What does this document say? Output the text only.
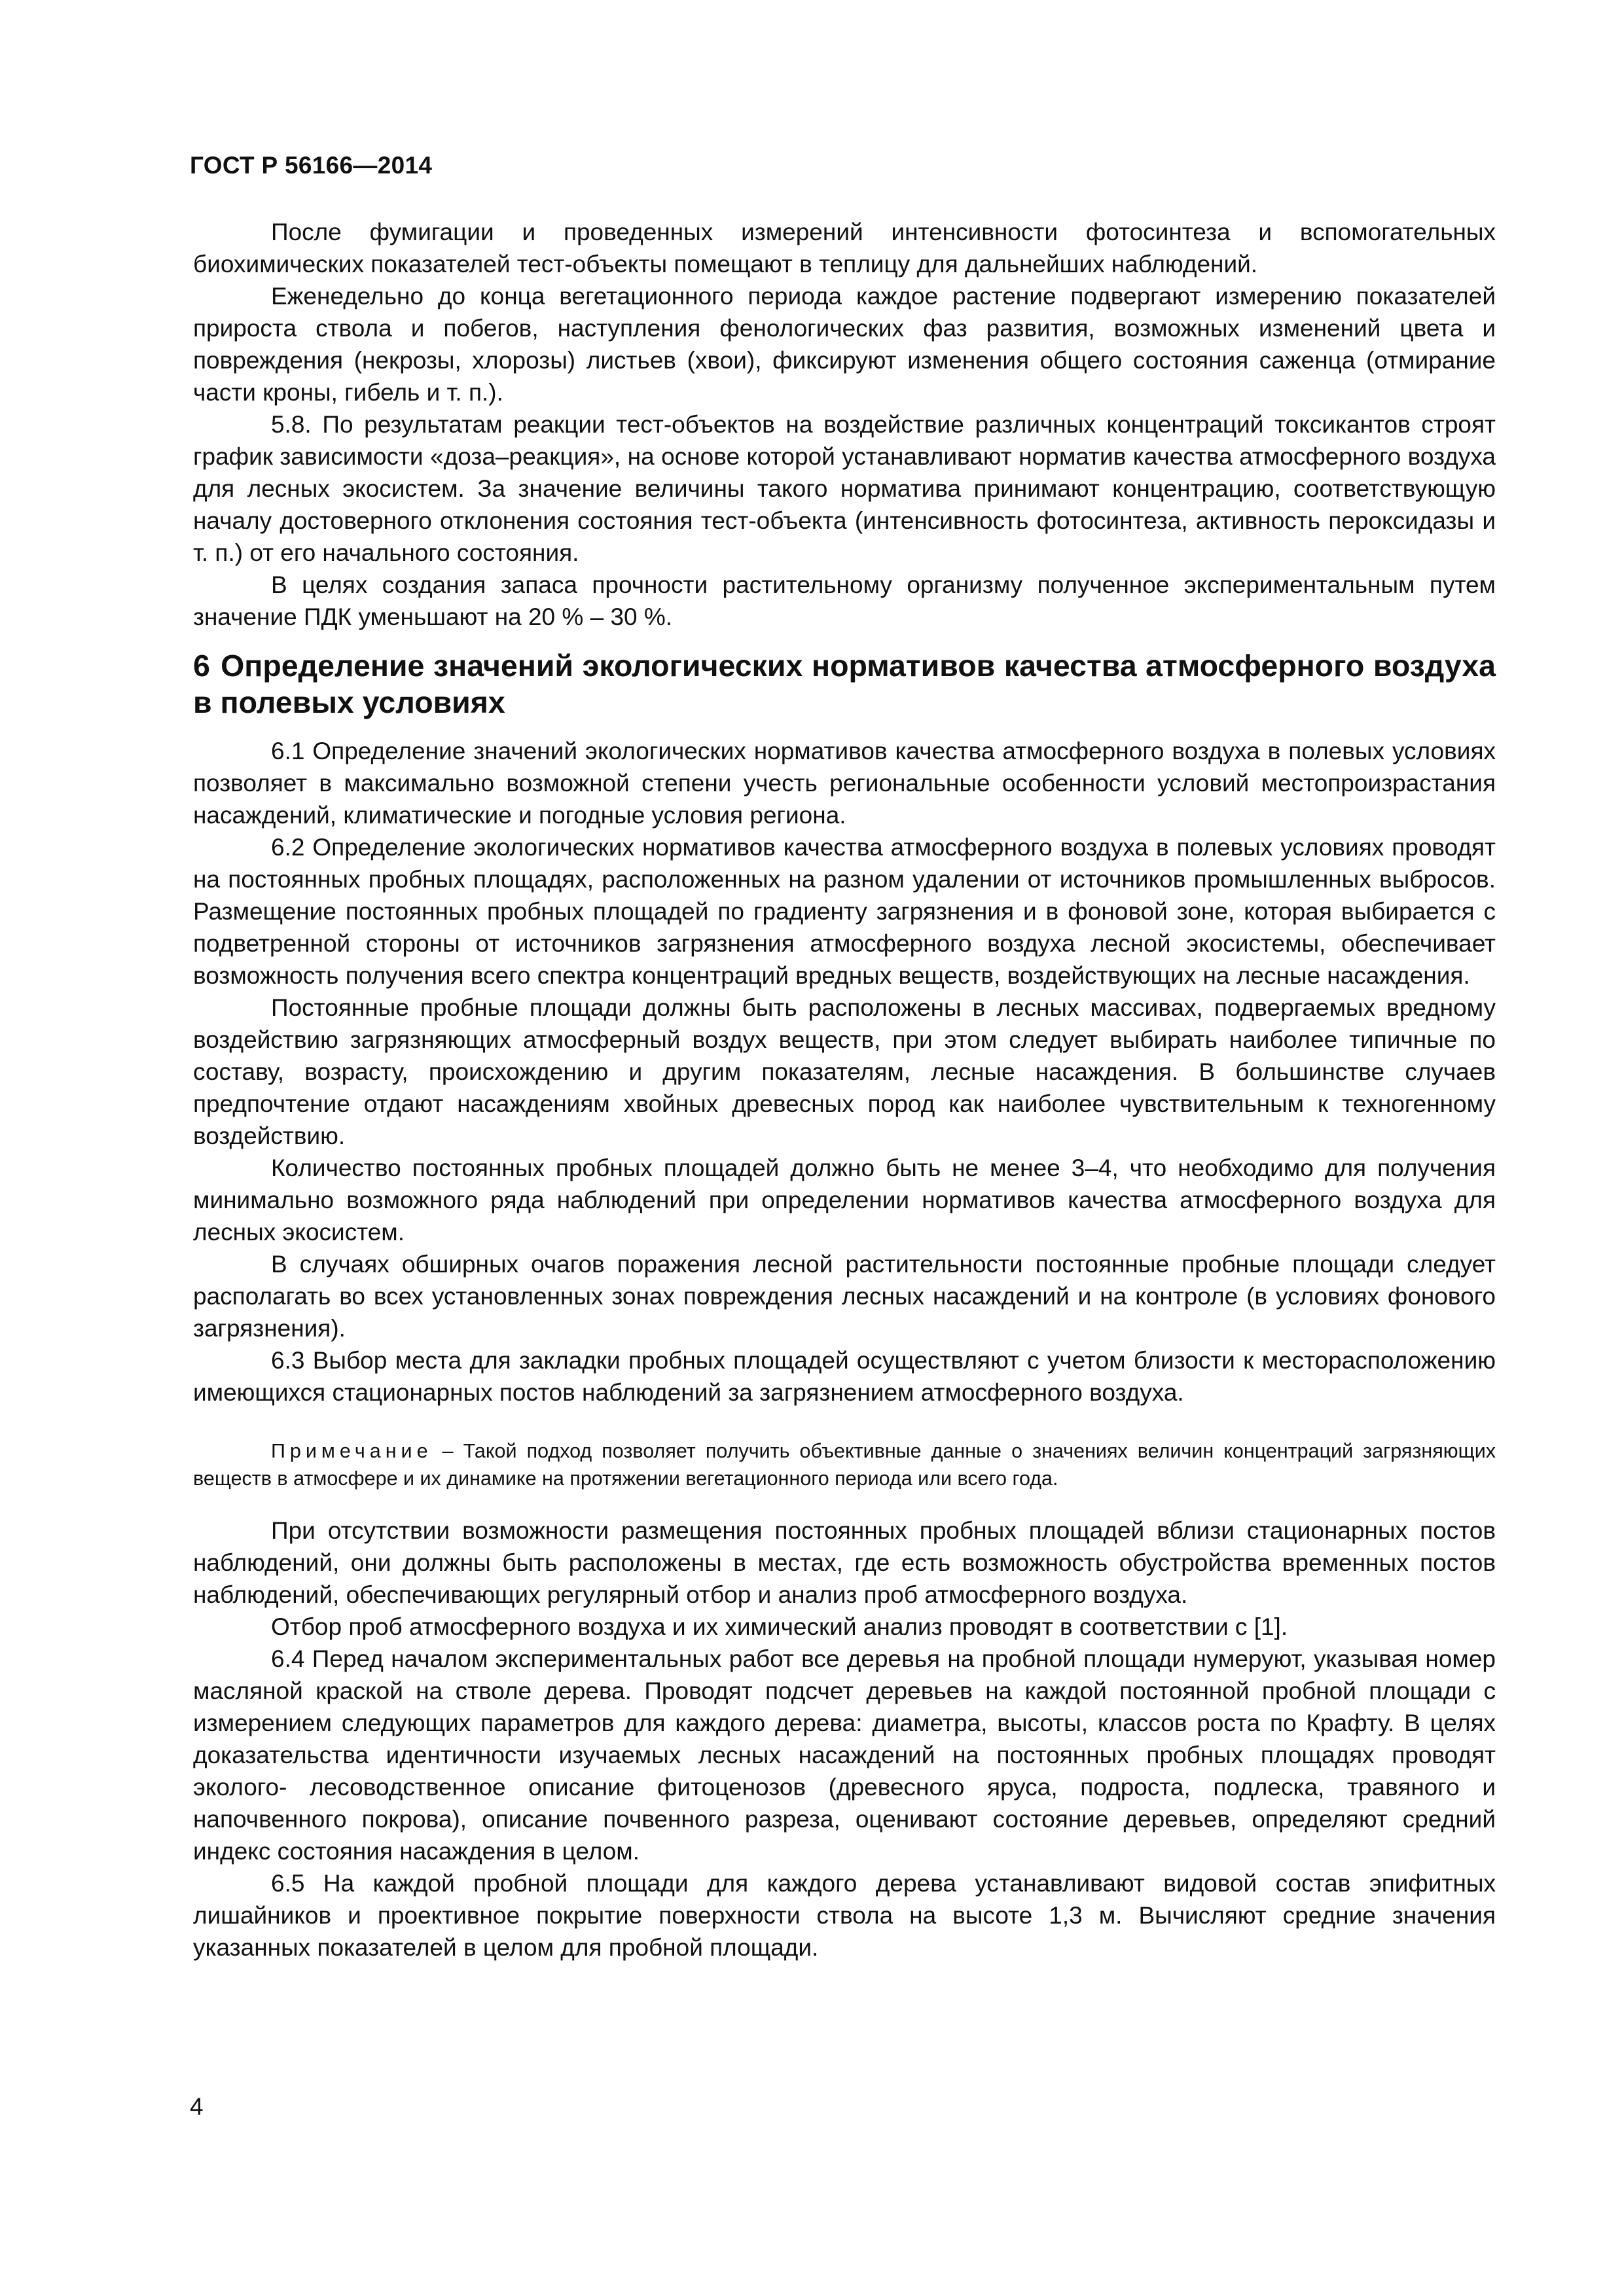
ГОСТ Р 56166—2014

После фумигации и проведенных измерений интенсивности фотосинтеза и вспомогательных биохимических показателей тест-объекты помещают в теплицу для дальнейших наблюдений.

Еженедельно до конца вегетационного периода каждое растение подвергают измерению показателей прироста ствола и побегов, наступления фенологических фаз развития, возможных изменений цвета и повреждения (некрозы, хлорозы) листьев (хвои), фиксируют изменения общего состояния саженца (отмирание части кроны, гибель и т. п.).

5.8. По результатам реакции тест-объектов на воздействие различных концентраций токсикантов строят график зависимости «доза–реакция», на основе которой устанавливают норматив качества атмосферного воздуха для лесных экосистем. За значение величины такого норматива принимают концентрацию, соответствующую началу достоверного отклонения состояния тест-объекта (интенсивность фотосинтеза, активность пероксидазы и т. п.) от его начального состояния.

В целях создания запаса прочности растительному организму полученное экспериментальным путем значение ПДК уменьшают на 20 % – 30 %.

6 Определение значений экологических нормативов качества атмосферного воздуха в полевых условиях

6.1 Определение значений экологических нормативов качества атмосферного воздуха в полевых условиях позволяет в максимально возможной степени учесть региональные особенности условий местопроизрастания насаждений, климатические и погодные условия региона.

6.2 Определение экологических нормативов качества атмосферного воздуха в полевых условиях проводят на постоянных пробных площадях, расположенных на разном удалении от источников промышленных выбросов. Размещение постоянных пробных площадей по градиенту загрязнения и в фоновой зоне, которая выбирается с подветренной стороны от источников загрязнения атмосферного воздуха лесной экосистемы, обеспечивает возможность получения всего спектра концентраций вредных веществ, воздействующих на лесные насаждения.

Постоянные пробные площади должны быть расположены в лесных массивах, подвергаемых вредному воздействию загрязняющих атмосферный воздух веществ, при этом следует выбирать наиболее типичные по составу, возрасту, происхождению и другим показателям, лесные насаждения. В большинстве случаев предпочтение отдают насаждениям хвойных древесных пород как наиболее чувствительным к техногенному воздействию.

Количество постоянных пробных площадей должно быть не менее 3–4, что необходимо для получения минимально возможного ряда наблюдений при определении нормативов качества атмосферного воздуха для лесных экосистем.

В случаях обширных очагов поражения лесной растительности постоянные пробные площади следует располагать во всех установленных зонах повреждения лесных насаждений и на контроле (в условиях фонового загрязнения).

6.3 Выбор места для закладки пробных площадей осуществляют с учетом близости к месторасположению имеющихся стационарных постов наблюдений за загрязнением атмосферного воздуха.

Примечание – Такой подход позволяет получить объективные данные о значениях величин концентраций загрязняющих веществ в атмосфере и их динамике на протяжении вегетационного периода или всего года.

При отсутствии возможности размещения постоянных пробных площадей вблизи стационарных постов наблюдений, они должны быть расположены в местах, где есть возможность обустройства временных постов наблюдений, обеспечивающих регулярный отбор и анализ проб атмосферного воздуха.

Отбор проб атмосферного воздуха и их химический анализ проводят в соответствии с [1].

6.4 Перед началом экспериментальных работ все деревья на пробной площади нумеруют, указывая номер масляной краской на стволе дерева. Проводят подсчет деревьев на каждой постоянной пробной площади с измерением следующих параметров для каждого дерева: диаметра, высоты, классов роста по Крафту. В целях доказательства идентичности изучаемых лесных насаждений на постоянных пробных площадях проводят эколого- лесоводственное описание фитоценозов (древесного яруса, подроста, подлеска, травяного и напочвенного покрова), описание почвенного разреза, оценивают состояние деревьев, определяют средний индекс состояния насаждения в целом.

6.5 На каждой пробной площади для каждого дерева устанавливают видовой состав эпифитных лишайников и проективное покрытие поверхности ствола на высоте 1,3 м. Вычисляют средние значения указанных показателей в целом для пробной площади.

4
